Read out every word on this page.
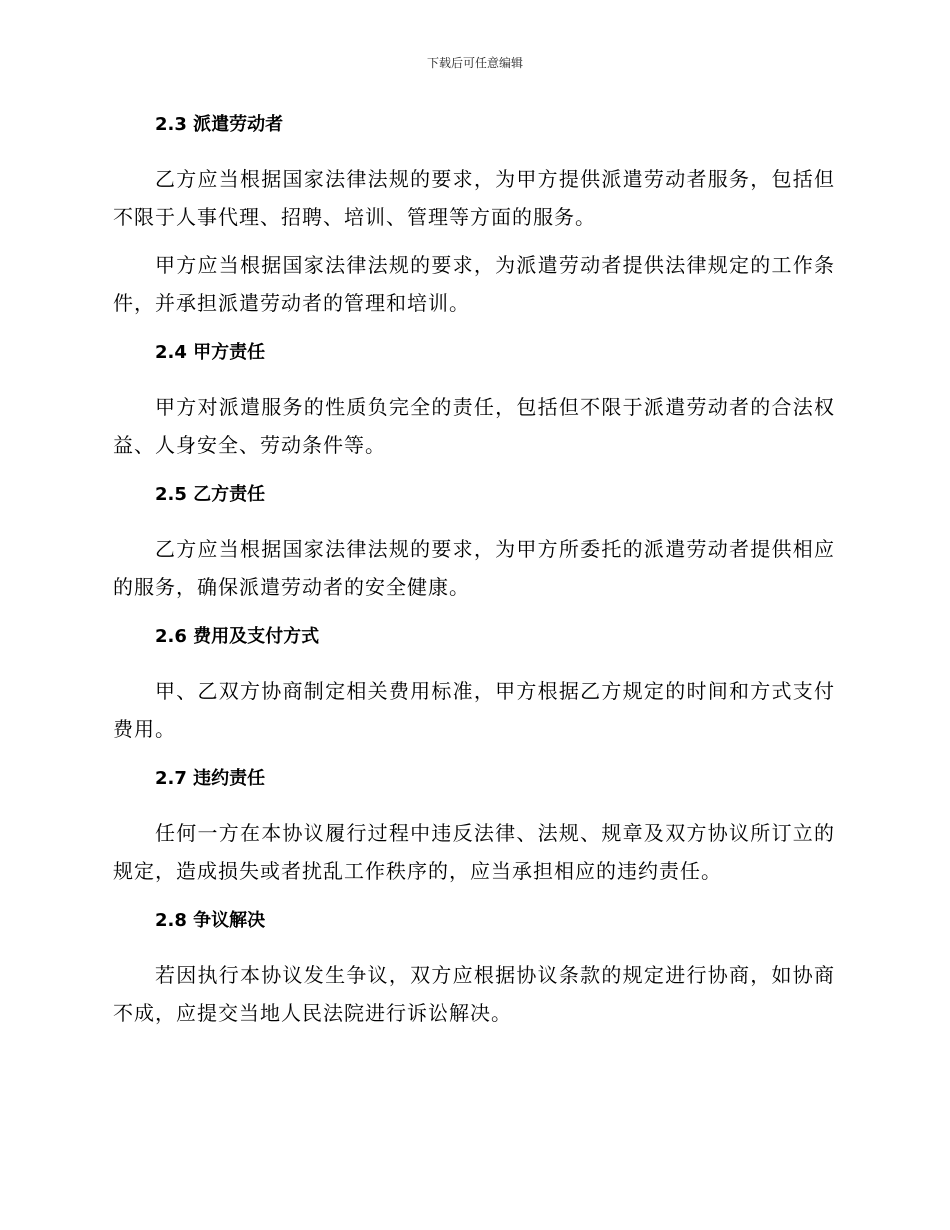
下载后可任意编辑
2.3 派遣劳动者

乙方应当根据国家法律法规的要求，为甲方提供派遣劳动者服务，包括但不限于人事代理、招聘、培训、管理等方面的服务。

甲方应当根据国家法律法规的要求，为派遣劳动者提供法律规定的工作条件，并承担派遣劳动者的管理和培训。

2.4 甲方责任

甲方对派遣服务的性质负完全的责任，包括但不限于派遣劳动者的合法权益、人身安全、劳动条件等。

2.5 乙方责任

乙方应当根据国家法律法规的要求，为甲方所委托的派遣劳动者提供相应的服务，确保派遣劳动者的安全健康。

2.6 费用及支付方式

甲、乙双方协商制定相关费用标准，甲方根据乙方规定的时间和方式支付费用。

2.7 违约责任

任何一方在本协议履行过程中违反法律、法规、规章及双方协议所订立的规定，造成损失或者扰乱工作秩序的，应当承担相应的违约责任。

2.8 争议解决

若因执行本协议发生争议，双方应根据协议条款的规定进行协商，如协商不成，应提交当地人民法院进行诉讼解决。
